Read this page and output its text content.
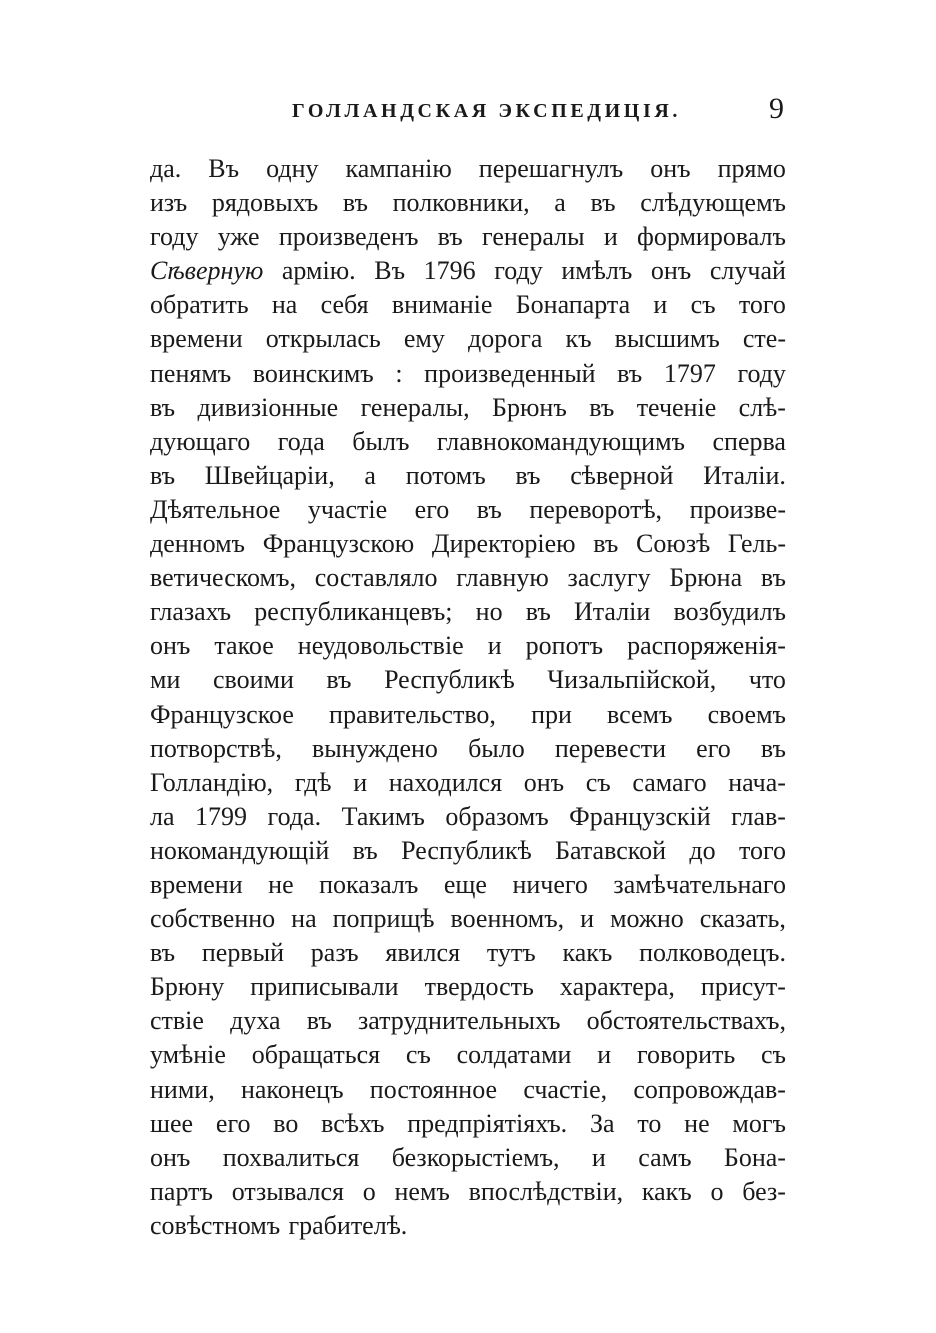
ГОЛЛАНДСКАЯ ЭКСПЕДИЦІЯ.	9
да. Въ одну кампанію перешагнулъ онъ прямо
изъ рядовыхъ въ полковники, а въ слѣдующемъ
году уже произведенъ въ генералы и формировалъ
Сѣверную армію. Въ 1796 году имѣлъ онъ случай
обратить на себя вниманіе Бонапарта и съ того
времени открылась ему дорога къ высшимъ сте-
пенямъ воинскимъ : произведенный въ 1797 году
въ дивизіонные генералы, Брюнъ въ теченіе слѣ-
дующаго года былъ главнокомандующимъ сперва
въ Швейцаріи, а потомъ въ сѣверной Италіи.
Дѣятельное участіе его въ переворотѣ, произве-
денномъ Французскою Директоріею въ Союзѣ Гель-
ветическомъ, составляло главную заслугу Брюна въ
глазахъ республиканцевъ; но въ Италіи возбудилъ
онъ такое неудовольствіе и ропотъ распоряженія-
ми своими въ Республикѣ Чизальпійской, что
Французское правительство, при всемъ своемъ
потворствѣ, вынуждено было перевести его въ
Голландію, гдѣ и находился онъ съ самаго нача-
ла 1799 года. Такимъ образомъ Французскій глав-
нокомандующій въ Республикѣ Батавской до того
времени не показалъ еще ничего замѣчательнаго
собственно на поприщѣ военномъ, и можно сказать,
въ первый разъ явился тутъ какъ полководецъ.
Брюну приписывали твердость характера, присут-
ствіе духа въ затруднительныхъ обстоятельствахъ,
умѣніе обращаться съ солдатами и говорить съ
ними, наконецъ постоянное счастіе, сопровождав-
шее его во всѣхъ предпріятіяхъ. За то не могъ
онъ похвалиться безкорыстіемъ, и самъ Бона-
партъ отзывался о немъ впослѣдствіи, какъ о без-
совѣстномъ грабителѣ.
